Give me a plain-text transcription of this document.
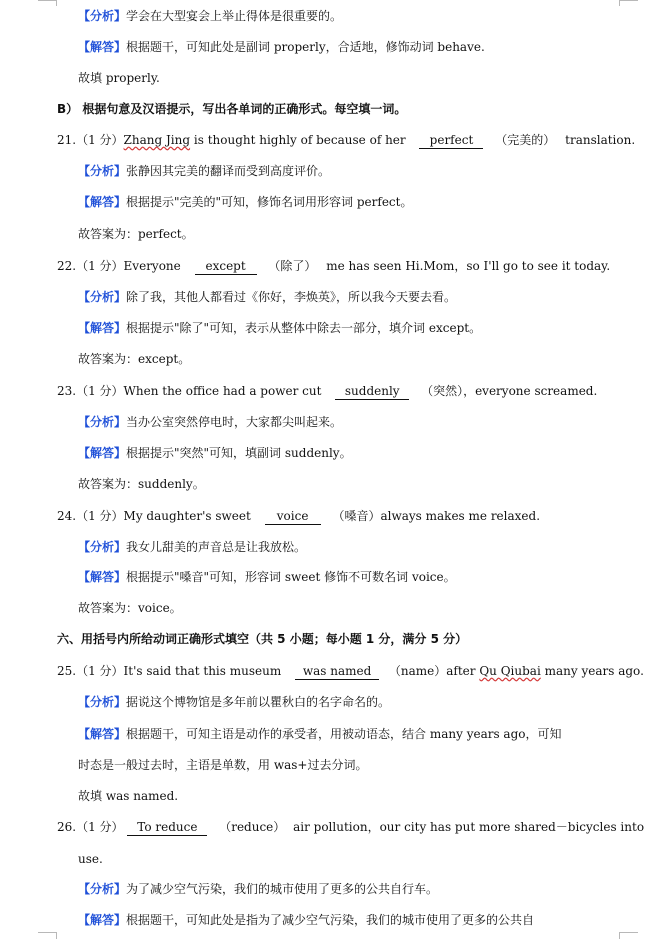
【分析】学会在大型宴会上举止得体是很重要的。
【解答】根据题干，可知此处是副词 properly，合适地，修饰动词 behave.
故填 properly.
B） 根据句意及汉语提示，写出各单词的正确形式。每空填一词。
21.（1 分）Zhang Jing is thought highly of because of her perfect （完美的） translation.
【分析】张静因其完美的翻译而受到高度评价。
【解答】根据提示"完美的"可知，修饰名词用形容词 perfect。
故答案为：perfect。
22.（1 分）Everyone except （除了） me has seen Hi.Mom，so I'll go to see it today.
【分析】除了我，其他人都看过《你好，李焕英》，所以我今天要去看。
【解答】根据提示"除了"可知，表示从整体中除去一部分，填介词 except。
故答案为：except。
23.（1 分）When the office had a power cut suddenly （突然），everyone screamed.
【分析】当办公室突然停电时，大家都尖叫起来。
【解答】根据提示"突然"可知，填副词 suddenly。
故答案为：suddenly。
24.（1 分）My daughter's sweet voice （嗓音）always makes me relaxed.
【分析】我女儿甜美的声音总是让我放松。
【解答】根据提示"嗓音"可知，形容词 sweet 修饰不可数名词 voice。
故答案为：voice。
六、用括号内所给动词正确形式填空（共 5 小题；每小题 1 分，满分 5 分）
25.（1 分）It's said that this museum was named （name）after Qu Qiubai many years ago.
【分析】据说这个博物馆是多年前以瞿秋白的名字命名的。
【解答】根据题干，可知主语是动作的承受者，用被动语态，结合 many years ago，可知
时态是一般过去时，主语是单数，用 was+过去分词。
故填 was named.
26.（1 分） To reduce （reduce） air pollution，our city has put more shared－bicycles into
use.
【分析】为了减少空气污染，我们的城市使用了更多的公共自行车。
【解答】根据题干，可知此处是指为了减少空气污染，我们的城市使用了更多的公共自
